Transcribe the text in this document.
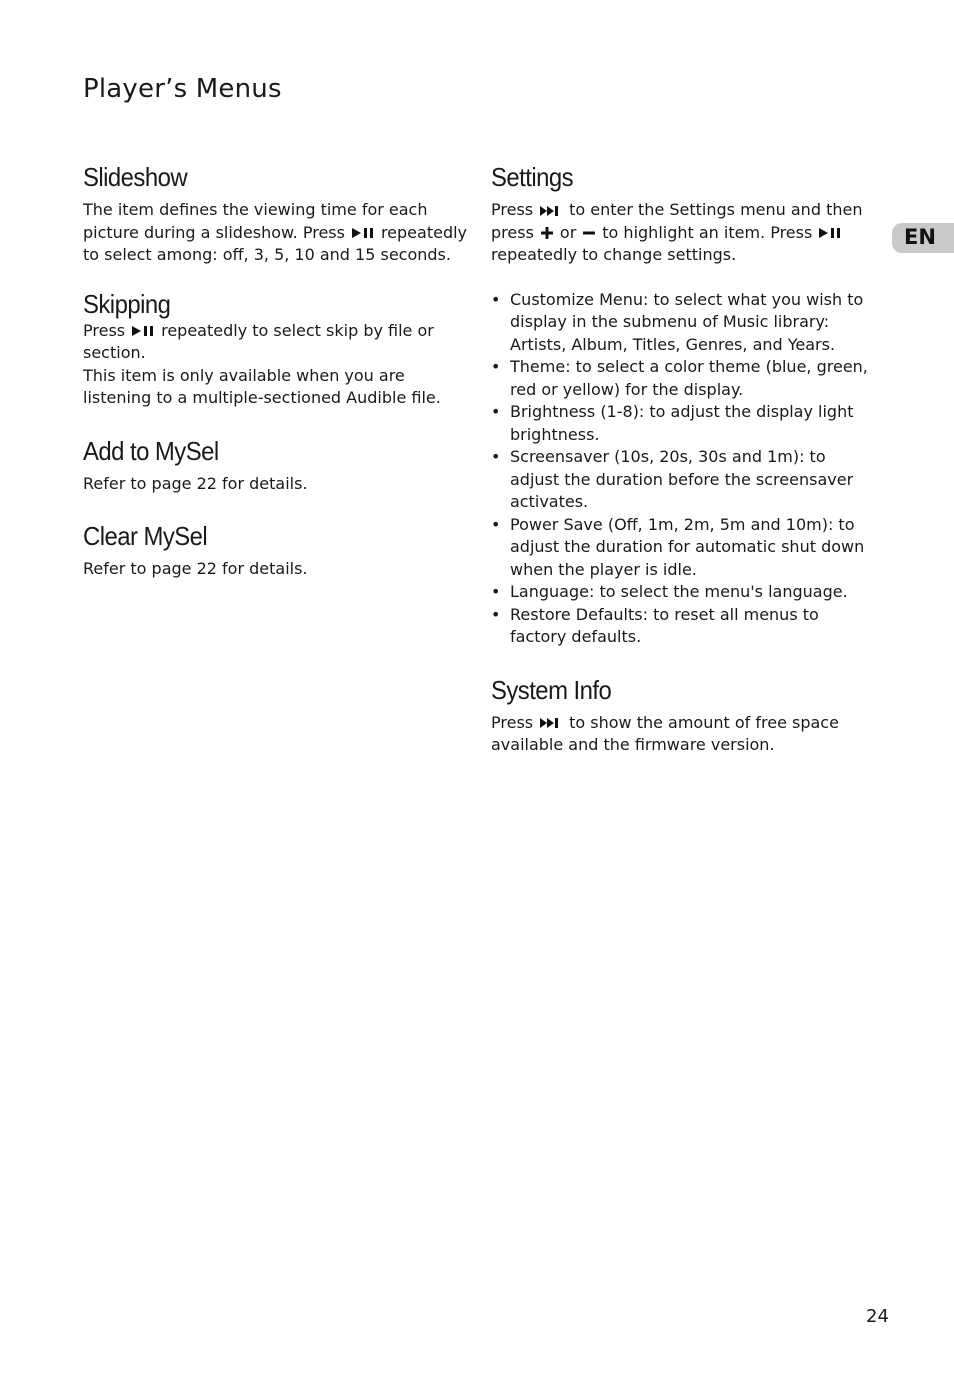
Player’s Menus
EN
Slideshow

The item defines the viewing time for each picture during a slideshow. Press repeatedly to select among: off, 3, 5, 10 and 15 seconds.

Skipping

Press repeatedly to select skip by file or section.

This item is only available when you are listening to a multiple-sectioned Audible file.

Add to MySel

Refer to page 22 for details.

Clear MySel

Refer to page 22 for details.

Settings

Press to enter the Settings menu and then press or to highlight an item. Press
repeatedly to change settings.

• Customize Menu: to select what you wish to display in the submenu of Music library: Artists, Album, Titles, Genres, and Years.
• Theme: to select a color theme (blue, green, red or yellow) for the display.
• Brightness (1-8): to adjust the display light brightness.
• Screensaver (10s, 20s, 30s and 1m): to adjust the duration before the screensaver activates.
• Power Save (Off, 1m, 2m, 5m and 10m): to adjust the duration for automatic shut down when the player is idle.
• Language: to select the menu's language.
• Restore Defaults: to reset all menus to factory defaults.
System Info

Press to show the amount of free space available and the firmware version.

24
